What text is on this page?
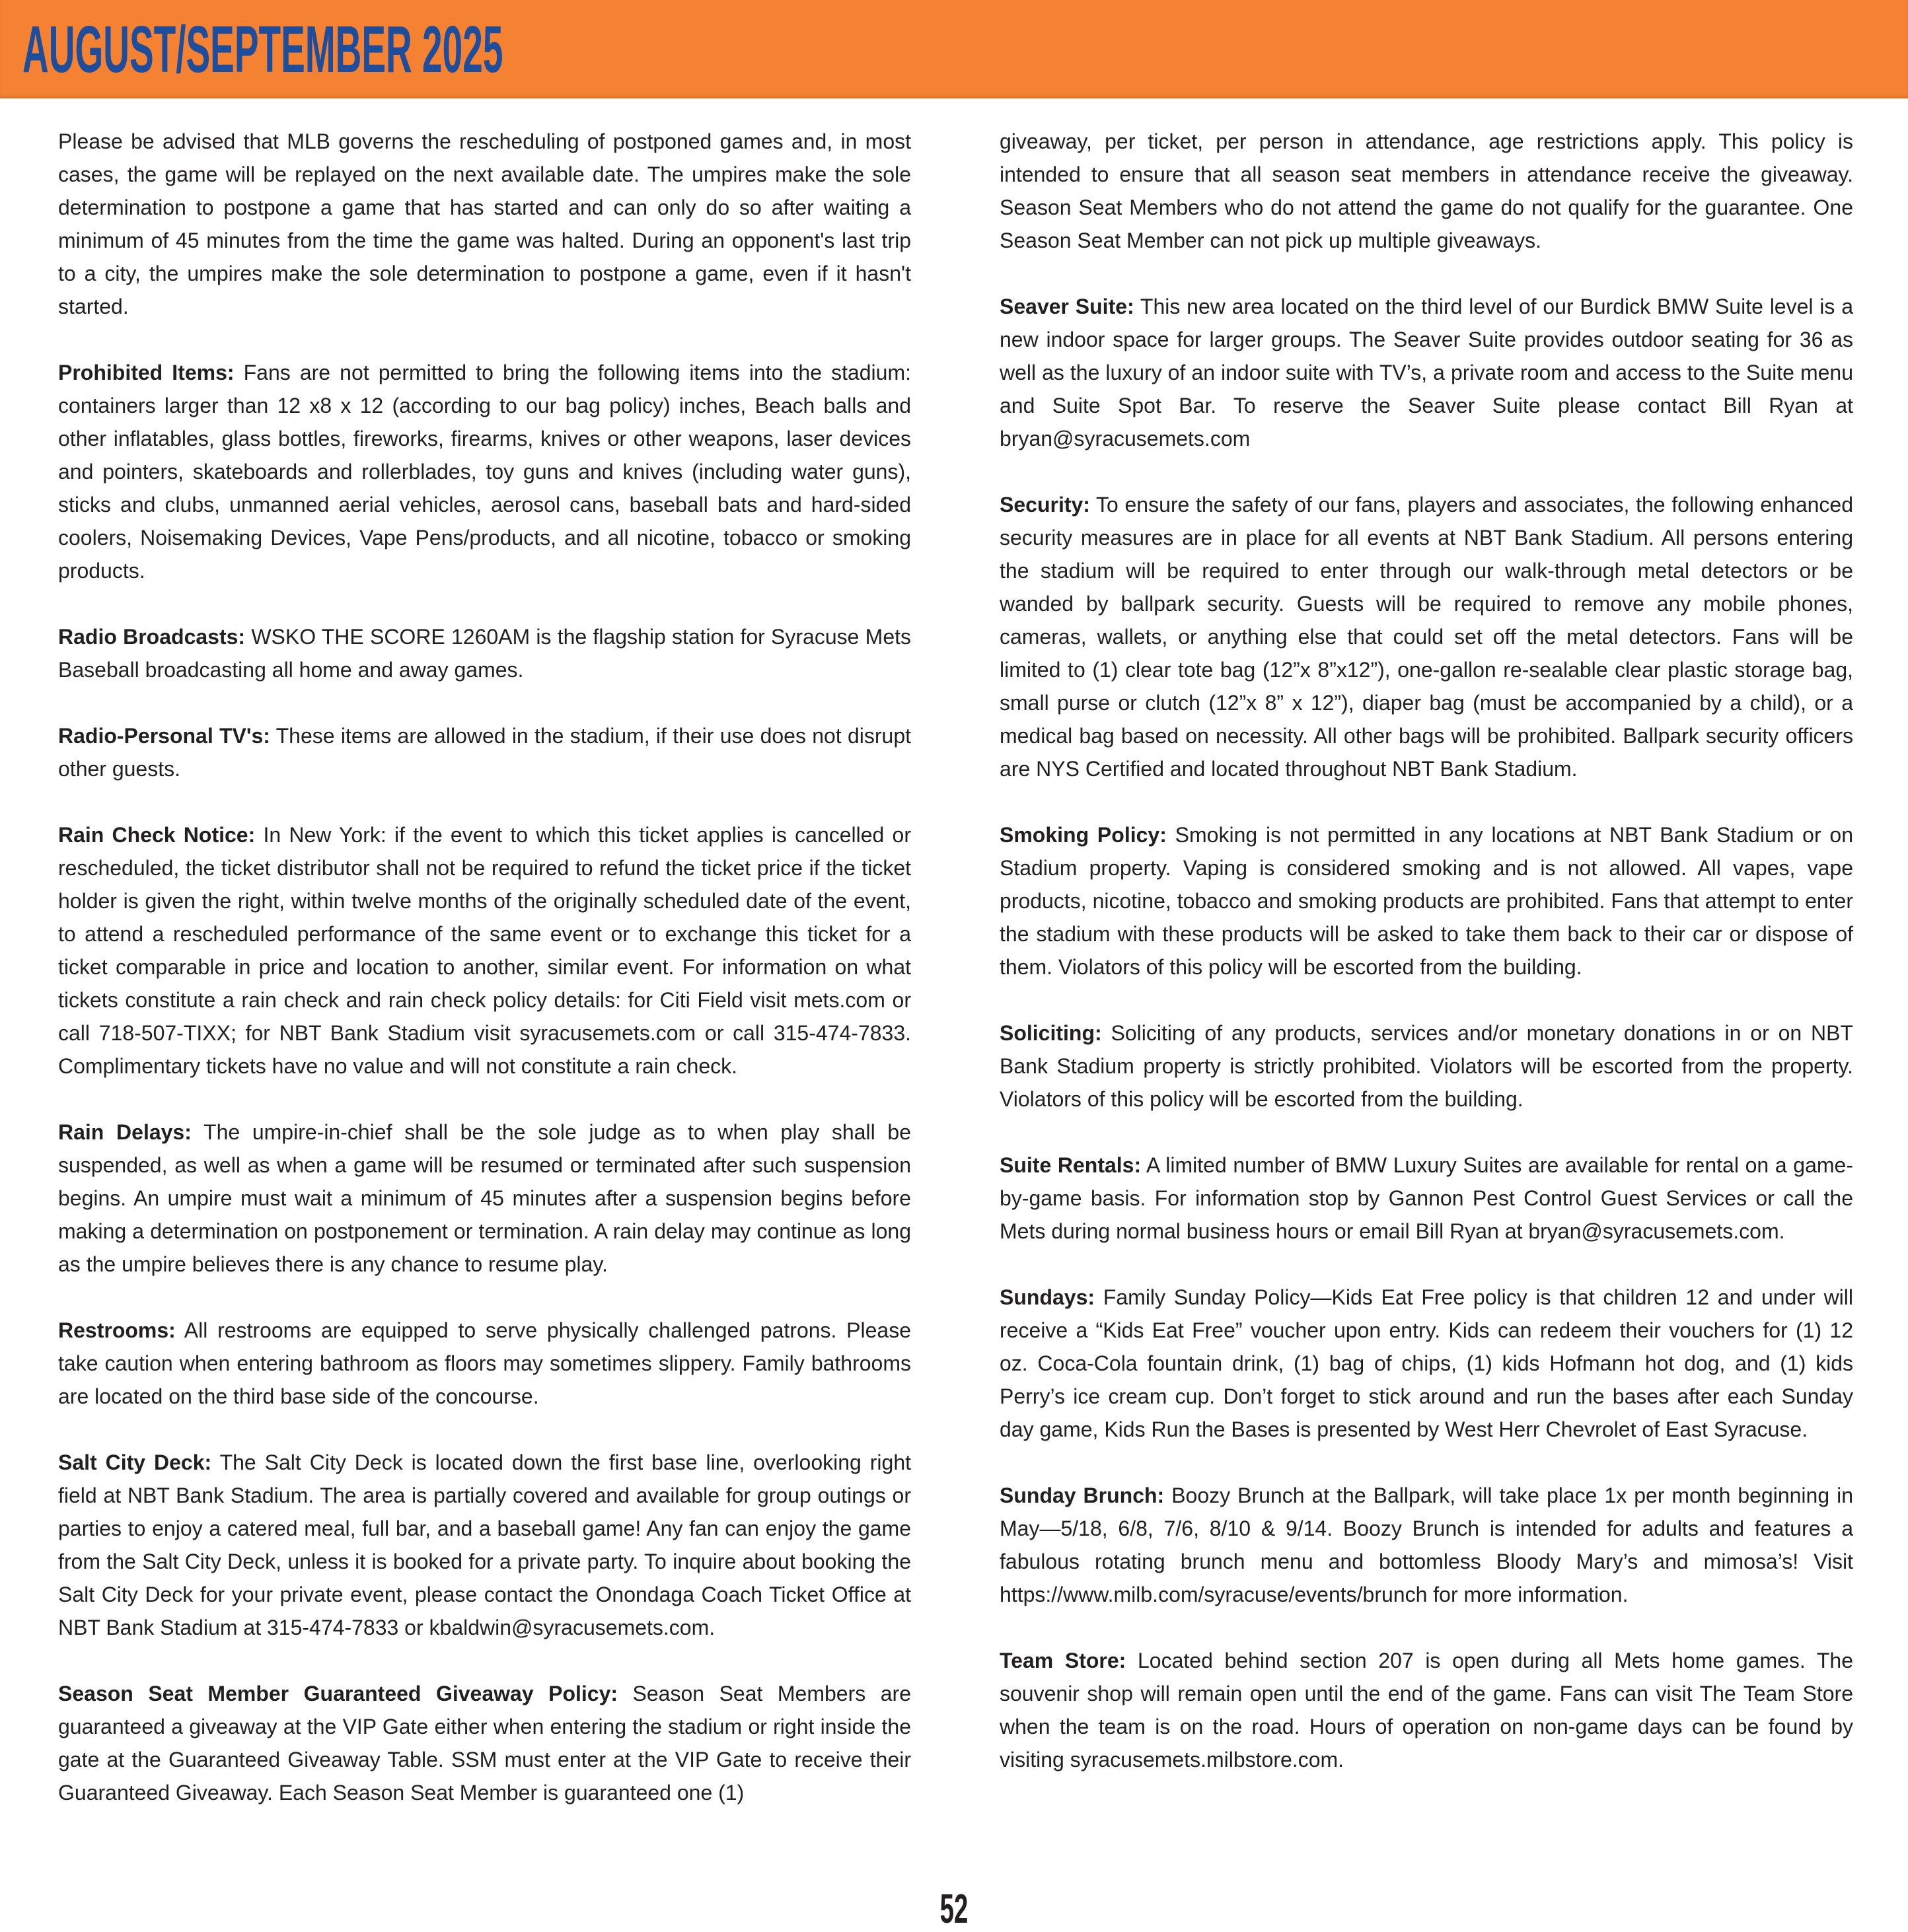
AUGUST/SEPTEMBER 2025

Please be advised that MLB governs the rescheduling of postponed games and, in most cases, the game will be replayed on the next available date. The umpires make the sole determination to postpone a game that has started and can only do so after waiting a minimum of 45 minutes from the time the game was halted. During an opponent's last trip to a city, the umpires make the sole determination to postpone a game, even if it hasn't started.

Prohibited Items: Fans are not permitted to bring the following items into the stadium: containers larger than 12 x8 x 12 (according to our bag policy) inches, Beach balls and other inflatables, glass bottles, fireworks, firearms, knives or other weapons, laser devices and pointers, skateboards and rollerblades, toy guns and knives (including water guns), sticks and clubs, unmanned aerial vehicles, aerosol cans, baseball bats and hard-sided coolers, Noisemaking Devices, Vape Pens/products, and all nicotine, tobacco or smoking products.

Radio Broadcasts: WSKO THE SCORE 1260AM is the flagship station for Syracuse Mets Baseball broadcasting all home and away games.

Radio-Personal TV's: These items are allowed in the stadium, if their use does not disrupt other guests.

Rain Check Notice: In New York: if the event to which this ticket applies is cancelled or rescheduled, the ticket distributor shall not be required to refund the ticket price if the ticket holder is given the right, within twelve months of the originally scheduled date of the event, to attend a rescheduled performance of the same event or to exchange this ticket for a ticket comparable in price and location to another, similar event. For information on what tickets constitute a rain check and rain check policy details: for Citi Field visit mets.com or call 718-507-TIXX; for NBT Bank Stadium visit syracusemets.com or call 315-474-7833. Complimentary tickets have no value and will not constitute a rain check.

Rain Delays: The umpire-in-chief shall be the sole judge as to when play shall be suspended, as well as when a game will be resumed or terminated after such suspension begins. An umpire must wait a minimum of 45 minutes after a suspension begins before making a determination on postponement or termination. A rain delay may continue as long as the umpire believes there is any chance to resume play.

Restrooms: All restrooms are equipped to serve physically challenged patrons. Please take caution when entering bathroom as floors may sometimes slippery. Family bathrooms are located on the third base side of the concourse.

Salt City Deck: The Salt City Deck is located down the first base line, overlooking right field at NBT Bank Stadium. The area is partially covered and available for group outings or parties to enjoy a catered meal, full bar, and a baseball game! Any fan can enjoy the game from the Salt City Deck, unless it is booked for a private party. To inquire about booking the Salt City Deck for your private event, please contact the Onondaga Coach Ticket Office at NBT Bank Stadium at 315-474-7833 or kbaldwin@syracusemets.com.

Season Seat Member Guaranteed Giveaway Policy: Season Seat Members are guaranteed a giveaway at the VIP Gate either when entering the stadium or right inside the gate at the Guaranteed Giveaway Table. SSM must enter at the VIP Gate to receive their Guaranteed Giveaway. Each Season Seat Member is guaranteed one (1)

giveaway, per ticket, per person in attendance, age restrictions apply. This policy is intended to ensure that all season seat members in attendance receive the giveaway. Season Seat Members who do not attend the game do not qualify for the guarantee. One Season Seat Member can not pick up multiple giveaways.

Seaver Suite: This new area located on the third level of our Burdick BMW Suite level is a new indoor space for larger groups. The Seaver Suite provides outdoor seating for 36 as well as the luxury of an indoor suite with TV’s, a private room and access to the Suite menu and Suite Spot Bar. To reserve the Seaver Suite please contact Bill Ryan at bryan@syracusemets.com

Security: To ensure the safety of our fans, players and associates, the following enhanced security measures are in place for all events at NBT Bank Stadium. All persons entering the stadium will be required to enter through our walk-through metal detectors or be wanded by ballpark security. Guests will be required to remove any mobile phones, cameras, wallets, or anything else that could set off the metal detectors. Fans will be limited to (1) clear tote bag (12”x 8”x12”), one-gallon re-sealable clear plastic storage bag, small purse or clutch (12”x 8” x 12”), diaper bag (must be accompanied by a child), or a medical bag based on necessity. All other bags will be prohibited. Ballpark security officers are NYS Certified and located throughout NBT Bank Stadium.

Smoking Policy: Smoking is not permitted in any locations at NBT Bank Stadium or on Stadium property. Vaping is considered smoking and is not allowed. All vapes, vape products, nicotine, tobacco and smoking products are prohibited. Fans that attempt to enter the stadium with these products will be asked to take them back to their car or dispose of them. Violators of this policy will be escorted from the building.

Soliciting: Soliciting of any products, services and/or monetary donations in or on NBT Bank Stadium property is strictly prohibited. Violators will be escorted from the property. Violators of this policy will be escorted from the building.

Suite Rentals: A limited number of BMW Luxury Suites are available for rental on a game-by-game basis. For information stop by Gannon Pest Control Guest Services or call the Mets during normal business hours or email Bill Ryan at bryan@syracusemets.com.

Sundays: Family Sunday Policy—Kids Eat Free policy is that children 12 and under will receive a “Kids Eat Free” voucher upon entry. Kids can redeem their vouchers for (1) 12 oz. Coca-Cola fountain drink, (1) bag of chips, (1) kids Hofmann hot dog, and (1) kids Perry’s ice cream cup. Don’t forget to stick around and run the bases after each Sunday day game, Kids Run the Bases is presented by West Herr Chevrolet of East Syracuse.

Sunday Brunch: Boozy Brunch at the Ballpark, will take place 1x per month beginning in May—5/18, 6/8, 7/6, 8/10 & 9/14. Boozy Brunch is intended for adults and features a fabulous rotating brunch menu and bottomless Bloody Mary’s and mimosa’s! Visit https://www.milb.com/syracuse/events/brunch for more information.

Team Store: Located behind section 207 is open during all Mets home games. The souvenir shop will remain open until the end of the game. Fans can visit The Team Store when the team is on the road. Hours of operation on non-game days can be found by visiting syracusemets.milbstore.com.

52
